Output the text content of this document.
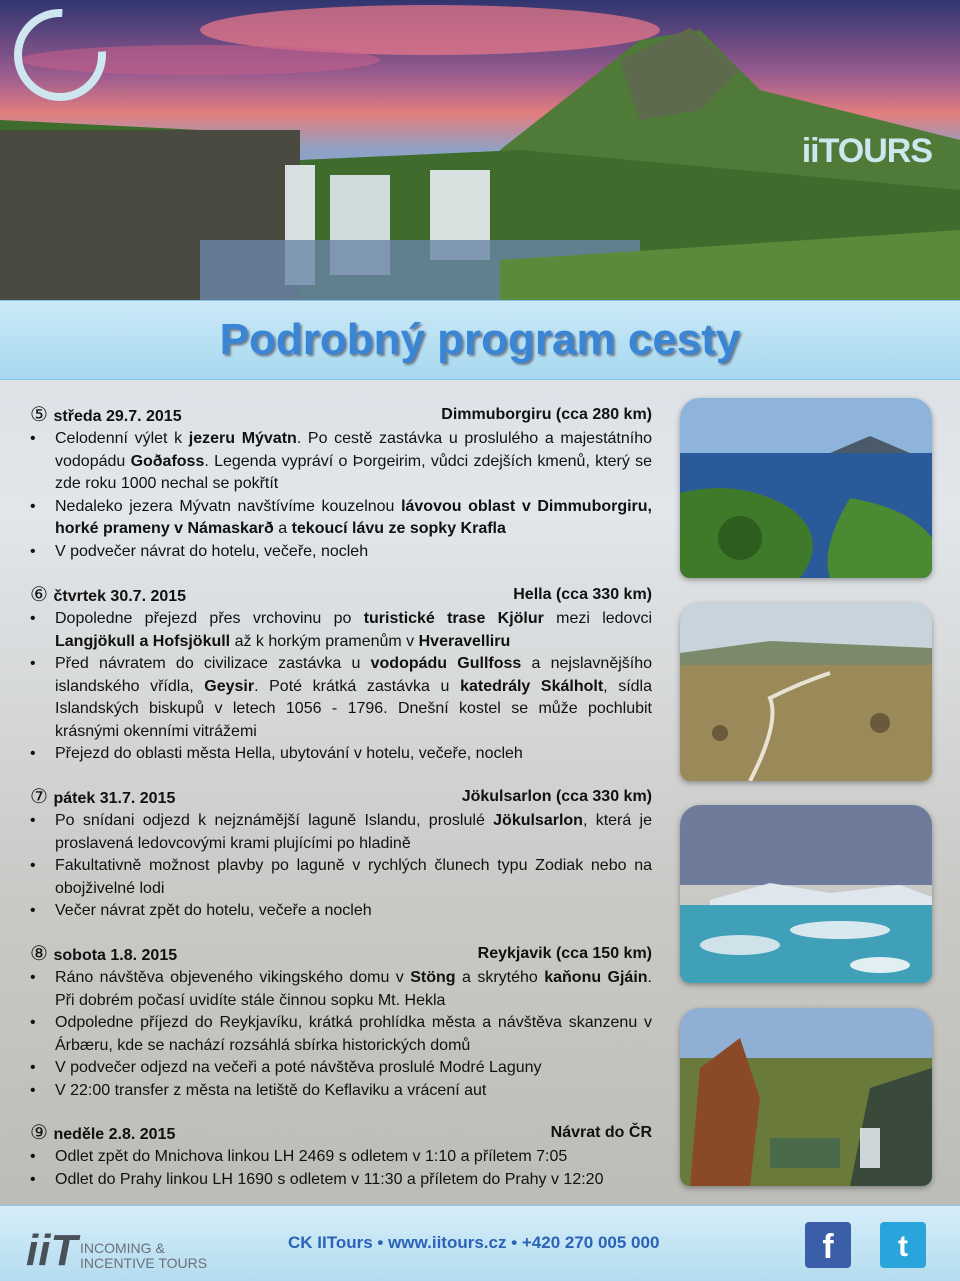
iiTOURS
Podrobný program cesty
⑤ středa 29.7. 2015	Dimmuborgiru (cca 280 km)
• Celodenní výlet k jezeru Mývatn. Po cestě zastávka u proslulého a majestátního vodopádu Goðafoss. Legenda vypráví o Þorgeirim, vůdci zdejších kmenů, který se zde roku 1000 nechal se pokřtít
• Nedaleko jezera Mývatn navštívíme kouzelnou lávovou oblast v Dimmuborgiru, horké prameny v Námaskarð a tekoucí lávu ze sopky Krafla
• V podvečer návrat do hotelu, večeře, nocleh
⑥ čtvrtek 30.7. 2015	Hella (cca 330 km)
• Dopoledne přejezd přes vrchovinu po turistické trase Kjölur mezi ledovci Langjökull a Hofsjökull až k horkým pramenům v Hveravelliru
• Před návratem do civilizace zastávka u vodopádu Gullfoss a nejslavnějšího islandského vřídla, Geysir. Poté krátká zastávka u katedrály Skálholt, sídla Islandských biskupů v letech 1056 - 1796. Dnešní kostel se může pochlubit krásnými okenními vitrážemi
• Přejezd do oblasti města Hella, ubytování v hotelu, večeře, nocleh
⑦ pátek 31.7. 2015	Jökulsarlon (cca 330 km)
• Po snídani odjezd k nejznámější laguně Islandu, proslulé Jökulsarlon, která je proslavená ledovcovými krami plujícími po hladině
• Fakultativně možnost plavby po laguně v rychlých člunech typu Zodiak nebo na obojživelné lodi
• Večer návrat zpět do hotelu, večeře a nocleh
⑧ sobota 1.8. 2015	Reykjavik (cca 150 km)
• Ráno návštěva objeveného vikingského domu v Stöng a skrytého kaňonu Gjáin. Při dobrém počasí uvidíte stále činnou sopku Mt. Hekla
• Odpoledne příjezd do Reykjavíku, krátká prohlídka města a návštěva skanzenu v Árbæru, kde se nachází rozsáhlá sbírka historických domů
• V podvečer odjezd na večeři a poté návštěva proslulé Modré Laguny
• V 22:00 transfer z města na letiště do Keflaviku a vrácení aut
⑨ neděle 2.8. 2015	Návrat do ČR
• Odlet zpět do Mnichova linkou LH 2469 s odletem v 1:10 a příletem 7:05
• Odlet do Prahy linkou LH 1690 s odletem v 11:30 a příletem do Prahy v 12:20
iiT INCOMING &
INCENTIVE TOURS
CK IITours • www.iitours.cz • +420 270 005 000	f	t
